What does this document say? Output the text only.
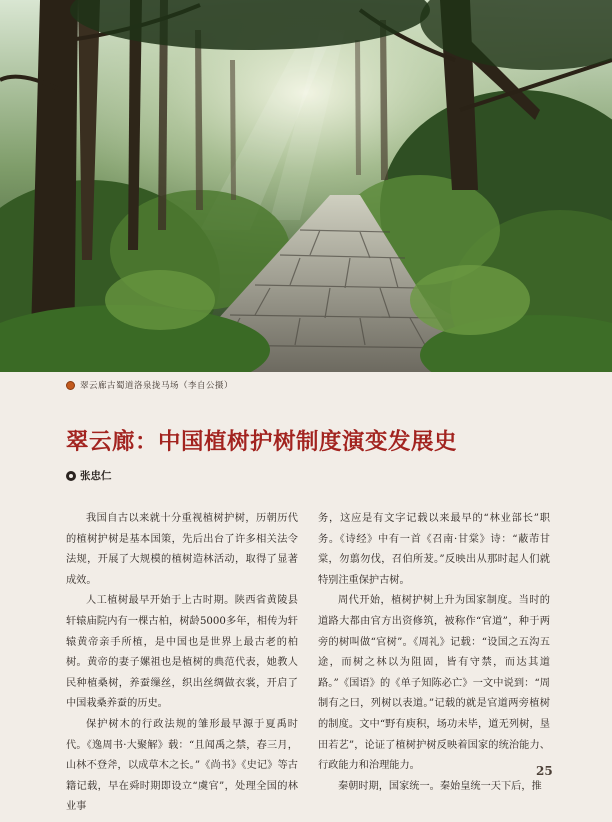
翠云廊古蜀道洛泉拢马场（李自公摄）
翠云廊：中国植树护树制度演变发展史
张忠仁

我国自古以来就十分重视植树护树，历朝历代的植树护树是基本国策，先后出台了许多相关法令法规，开展了大规模的植树造林活动，取得了显著成效。

人工植树最早开始于上古时期。陕西省黄陵县轩辕庙院内有一棵古柏，树龄5000多年，相传为轩辕黄帝亲手所植，是中国也是世界上最古老的柏树。黄帝的妻子嫘祖也是植树的典范代表，她教人民种植桑树，养蚕缫丝，织出丝绸做衣裳，开启了中国栽桑养蚕的历史。

保护树木的行政法规的雏形最早源于夏禹时代。《逸周书·大聚解》载：“且闻禹之禁，春三月，山林不登斧，以成草木之长。”《尚书》《史记》等古籍记载，早在舜时期即设立“虞官”，处理全国的林业事

务，这应是有文字记载以来最早的“林业部长”职务。《诗经》中有一首《召南·甘棠》诗：“蔽芾甘棠，勿翦勿伐，召伯所茇。”反映出从那时起人们就特别注重保护古树。

周代开始，植树护树上升为国家制度。当时的道路大都由官方出资修筑，被称作“官道”，种于两旁的树叫做“官树”。《周礼》记载：“设国之五沟五途，而树之林以为阻固，皆有守禁，而达其道路。”《国语》的《单子知陈必亡》一文中说到：“周制有之曰，列树以表道。”记载的就是官道两旁植树的制度。文中“野有庾积，场功未毕，道无列树，垦田若艺”，论证了植树护树反映着国家的统治能力、行政能力和治理能力。

秦朝时期，国家统一。秦始皇统一天下后，推

25
